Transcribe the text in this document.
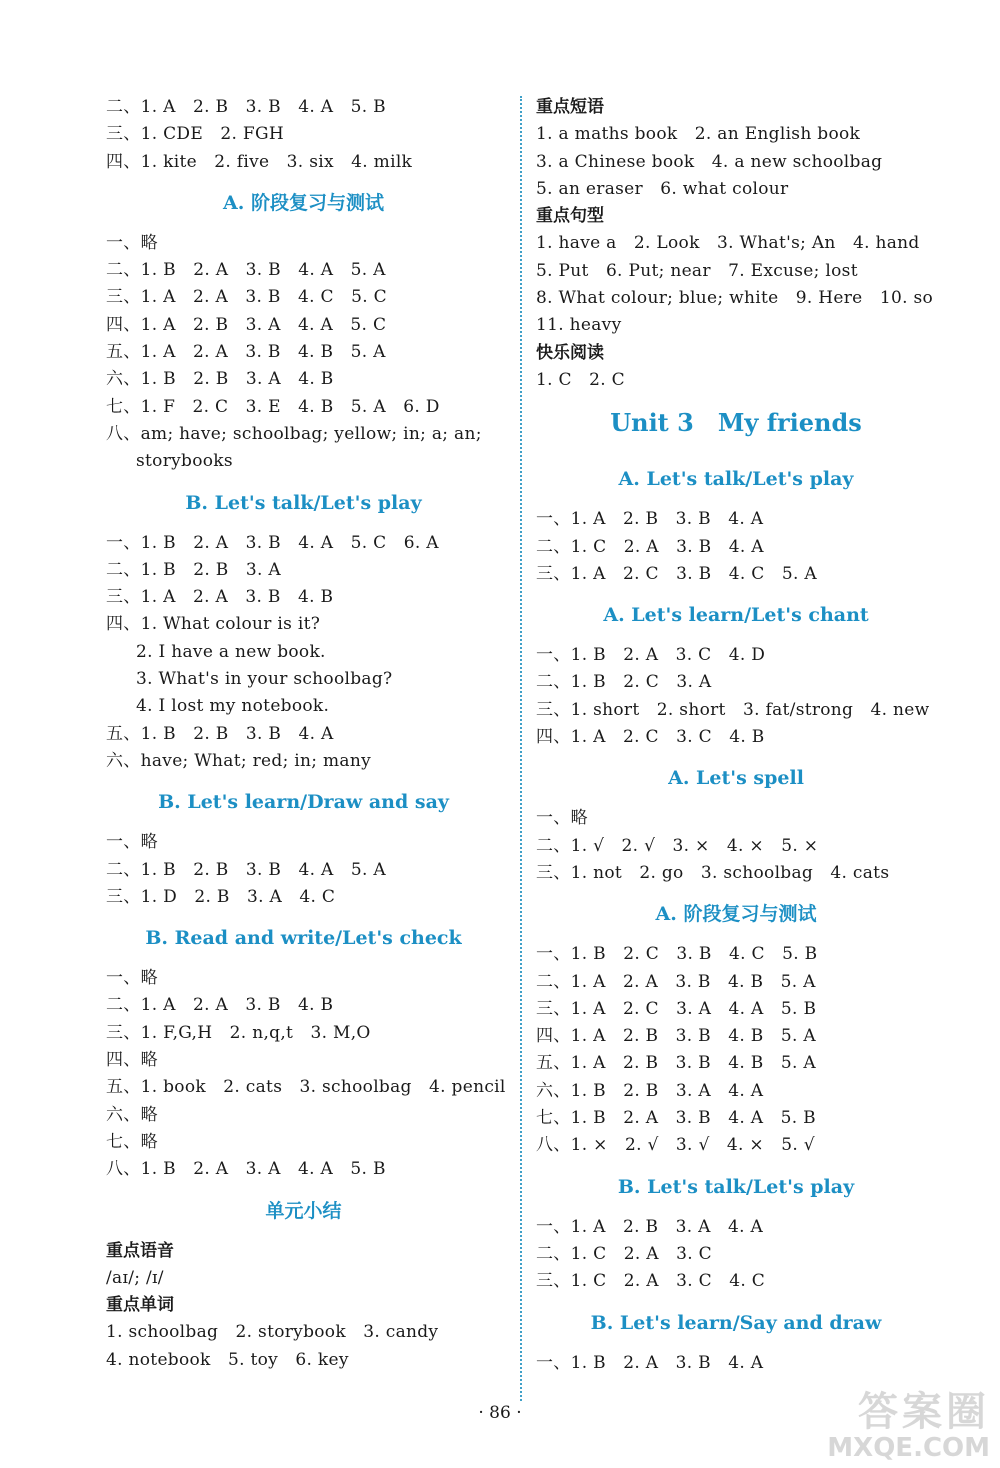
二、1. A　2. B　3. B　4. A　5. B
三、1. CDE　2. FGH
四、1. kite　2. five　3. six　4. milk
A. 阶段复习与测试
一、略
二、1. B　2. A　3. B　4. A　5. A
三、1. A　2. A　3. B　4. C　5. C
四、1. A　2. B　3. A　4. A　5. C
五、1. A　2. A　3. B　4. B　5. A
六、1. B　2. B　3. A　4. B
七、1. F　2. C　3. E　4. B　5. A　6. D
八、am; have; schoolbag; yellow; in; a; an;
storybooks
B. Let's talk/Let's play
一、1. B　2. A　3. B　4. A　5. C　6. A
二、1. B　2. B　3. A
三、1. A　2. A　3. B　4. B
四、1. What colour is it?
2. I have a new book.
3. What's in your schoolbag?
4. I lost my notebook.
五、1. B　2. B　3. B　4. A
六、have; What; red; in; many
B. Let's learn/Draw and say
一、略
二、1. B　2. B　3. B　4. A　5. A
三、1. D　2. B　3. A　4. C
B. Read and write/Let's check
一、略
二、1. A　2. A　3. B　4. B
三、1. F,G,H　2. n,q,t　3. M,O
四、略
五、1. book　2. cats　3. schoolbag　4. pencil
六、略
七、略
八、1. B　2. A　3. A　4. A　5. B
单元小结
重点语音
/aɪ/; /ɪ/
重点单词
1. schoolbag　2. storybook　3. candy
4. notebook　5. toy　6. key
重点短语
1. a maths book　2. an English book
3. a Chinese book　4. a new schoolbag
5. an eraser　6. what colour
重点句型
1. have a　2. Look　3. What's; An　4. hand
5. Put　6. Put; near　7. Excuse; lost
8. What colour; blue; white　9. Here　10. so
11. heavy
快乐阅读
1. C　2. C
Unit 3　My friends
A. Let's talk/Let's play
一、1. A　2. B　3. B　4. A
二、1. C　2. A　3. B　4. A
三、1. A　2. C　3. B　4. C　5. A
A. Let's learn/Let's chant
一、1. B　2. A　3. C　4. D
二、1. B　2. C　3. A
三、1. short　2. short　3. fat/strong　4. new
四、1. A　2. C　3. C　4. B
A. Let's spell
一、略
二、1. √　2. √　3. ×　4. ×　5. ×
三、1. not　2. go　3. schoolbag　4. cats
A. 阶段复习与测试
一、1. B　2. C　3. B　4. C　5. B
二、1. A　2. A　3. B　4. B　5. A
三、1. A　2. C　3. A　4. A　5. B
四、1. A　2. B　3. B　4. B　5. A
五、1. A　2. B　3. B　4. B　5. A
六、1. B　2. B　3. A　4. A
七、1. B　2. A　3. B　4. A　5. B
八、1. ×　2. √　3. √　4. ×　5. √
B. Let's talk/Let's play
一、1. A　2. B　3. A　4. A
二、1. C　2. A　3. C
三、1. C　2. A　3. C　4. C
B. Let's learn/Say and draw
一、1. B　2. A　3. B　4. A
· 86 ·	答案圈
MXQE.COM
